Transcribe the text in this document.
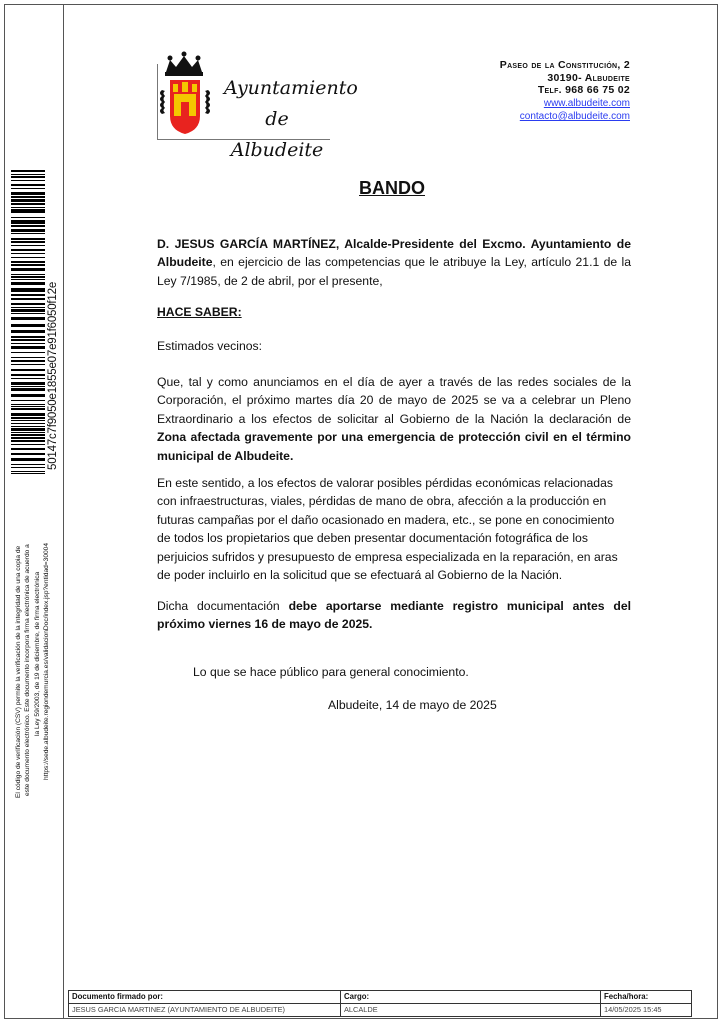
50147c7f9050e1855e07e91f6050f12e
El código de verificación (CSV) permite la verificación de la integridad de una copia de este documento electrónico. Este documento incorpora firma electrónica de acuerdo a la Ley 59/2003, de 19 de diciembre, de firma electrónica https://sede.albudeite.regiondemurcia.es/validacionDoc/index.jsp?entidad=30004
Ayuntamiento
de Albudeite
Paseo de la Constitución, 2
30190- Albudeite
Telf. 968 66 75 02
www.albudeite.com
contacto@albudeite.com
BANDO
D. JESUS GARCÍA MARTÍNEZ, Alcalde-Presidente del Excmo. Ayuntamiento de Albudeite, en ejercicio de las competencias que le atribuye la Ley, artículo 21.1 de la Ley 7/1985, de 2 de abril, por el presente,
HACE SABER:
Estimados vecinos:
Que, tal y como anunciamos en el día de ayer a través de las redes sociales de la Corporación, el próximo martes día 20 de mayo de 2025 se va a celebrar un Pleno Extraordinario a los efectos de solicitar al Gobierno de la Nación la declaración de Zona afectada gravemente por una emergencia de protección civil en el término municipal de Albudeite.
En este sentido, a los efectos de valorar posibles pérdidas económicas relacionadas con infraestructuras, viales, pérdidas de mano de obra, afección a la producción en futuras campañas por el daño ocasionado en madera, etc., se pone en conocimiento de todos los propietarios que deben presentar documentación fotográfica de los perjuicios sufridos y presupuesto de empresa especializada en la reparación, en aras de poder incluirlo en la solicitud que se efectuará al Gobierno de la Nación.
Dicha documentación debe aportarse mediante registro municipal antes del próximo viernes 16 de mayo de 2025.
Lo que se hace público para general conocimiento.
Albudeite, 14 de mayo de 2025
Documento firmado por:	Cargo:	Fecha/hora:
JESUS GARCIA MARTINEZ (AYUNTAMIENTO DE ALBUDEITE)	ALCALDE	14/05/2025 15:45
